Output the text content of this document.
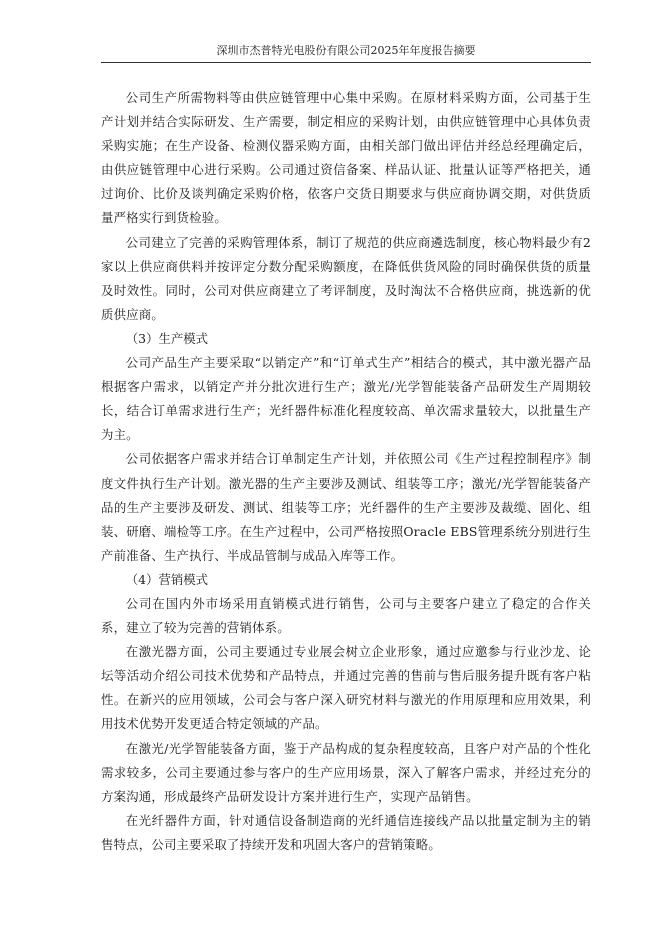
深圳市杰普特光电股份有限公司2025年年度报告摘要

公司生产所需物料等由供应链管理中心集中采购。在原材料采购方面，公司基于生产计划并结合实际研发、生产需要，制定相应的采购计划，由供应链管理中心具体负责采购实施；在生产设备、检测仪器采购方面，由相关部门做出评估并经总经理确定后，由供应链管理中心进行采购。公司通过资信备案、样品认证、批量认证等严格把关，通过询价、比价及谈判确定采购价格，依客户交货日期要求与供应商协调交期，对供货质量严格实行到货检验。

公司建立了完善的采购管理体系，制订了规范的供应商遴选制度，核心物料最少有2家以上供应商供料并按评定分数分配采购额度，在降低供货风险的同时确保供货的质量及时效性。同时，公司对供应商建立了考评制度，及时淘汰不合格供应商，挑选新的优质供应商。

（3）生产模式

公司产品生产主要采取“以销定产”和“订单式生产”相结合的模式，其中激光器产品根据客户需求，以销定产并分批次进行生产；激光/光学智能装备产品研发生产周期较长，结合订单需求进行生产；光纤器件标准化程度较高、单次需求量较大，以批量生产为主。

公司依据客户需求并结合订单制定生产计划，并依照公司《生产过程控制程序》制度文件执行生产计划。激光器的生产主要涉及测试、组装等工序；激光/光学智能装备产品的生产主要涉及研发、测试、组装等工序；光纤器件的生产主要涉及裁缆、固化、组装、研磨、端检等工序。在生产过程中，公司严格按照Oracle EBS管理系统分别进行生产前准备、生产执行、半成品管制与成品入库等工作。

（4）营销模式

公司在国内外市场采用直销模式进行销售，公司与主要客户建立了稳定的合作关系，建立了较为完善的营销体系。

在激光器方面，公司主要通过专业展会树立企业形象，通过应邀参与行业沙龙、论坛等活动介绍公司技术优势和产品特点，并通过完善的售前与售后服务提升既有客户粘性。在新兴的应用领域，公司会与客户深入研究材料与激光的作用原理和应用效果，利用技术优势开发更适合特定领域的产品。

在激光/光学智能装备方面，鉴于产品构成的复杂程度较高，且客户对产品的个性化需求较多，公司主要通过参与客户的生产应用场景，深入了解客户需求，并经过充分的方案沟通，形成最终产品研发设计方案并进行生产，实现产品销售。

在光纤器件方面，针对通信设备制造商的光纤通信连接线产品以批量定制为主的销售特点，公司主要采取了持续开发和巩固大客户的营销策略。
